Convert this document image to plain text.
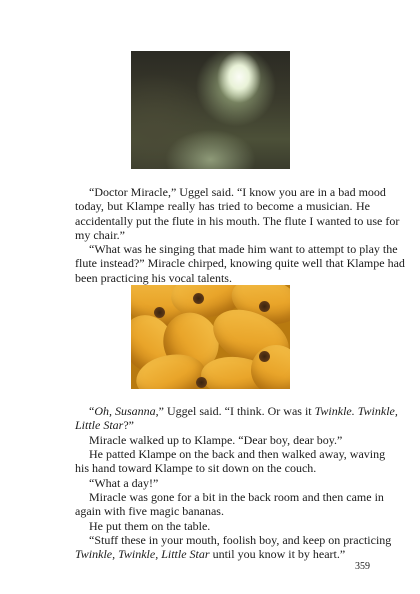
“Doctor Miracle,” Uggel said. “I know you are in a bad mood
today, but Klampe really has tried to become a musician. He
accidentally put the flute in his mouth. The flute I wanted to use for
my chair.”

“What was he singing that made him want to attempt to play the
flute instead?” Miracle chirped, knowing quite well that Klampe had
been practicing his vocal talents.

“Oh, Susanna,” Uggel said. “I think. Or was it Twinkle. Twinkle,
Little Star?”

Miracle walked up to Klampe. “Dear boy, dear boy.”

He patted Klampe on the back and then walked away, waving
his hand toward Klampe to sit down on the couch.

“What a day!”

Miracle was gone for a bit in the back room and then came in
again with five magic bananas.

He put them on the table.

“Stuff these in your mouth, foolish boy, and keep on practicing
Twinkle, Twinkle, Little Star until you know it by heart.”

359
